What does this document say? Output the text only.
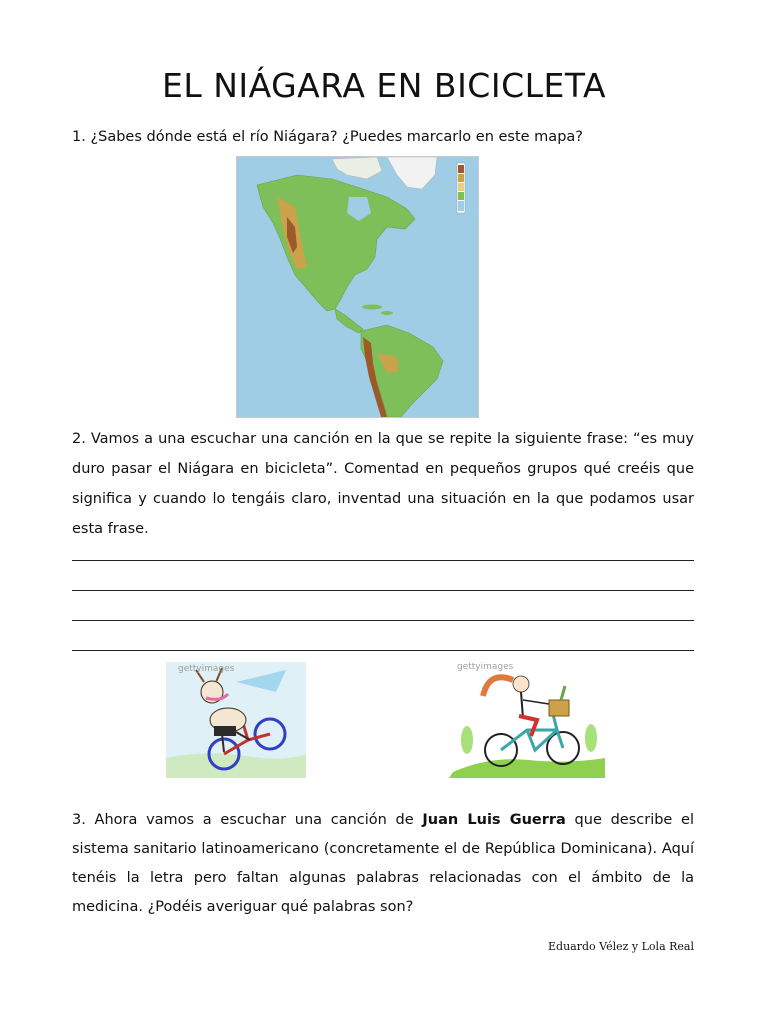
EL NIÁGARA EN BICICLETA
1. ¿Sabes dónde está el río Niágara? ¿Puedes marcarlo en este mapa?
2. Vamos a una escuchar una canción en la que se repite la siguiente frase: “es muy duro pasar el Niágara en bicicleta”. Comentad en pequeños grupos qué creéis que significa y cuando lo tengáis claro, inventad una situación en la que podamos usar esta frase.
gettyimages	gettyimages
3. Ahora vamos a escuchar una canción de Juan Luis Guerra que describe el sistema sanitario latinoamericano (concretamente el de República Dominicana). Aquí tenéis la letra pero faltan algunas palabras relacionadas con el ámbito de la medicina. ¿Podéis averiguar qué palabras son?
Eduardo Vélez y Lola Real
